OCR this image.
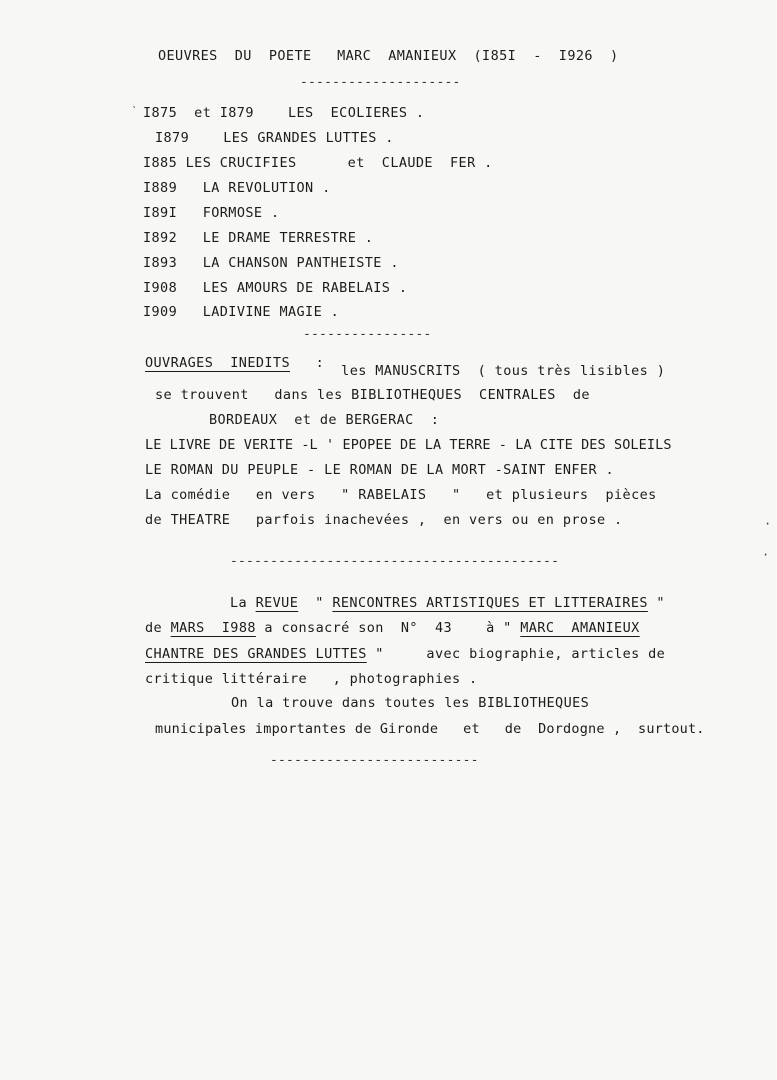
OEUVRES  DU  POETE   MARC  AMANIEUX  (I85I  -  I926  )
--------------------
I875  et I879	LES  ECOLIERES .
I879	LES GRANDES LUTTES .
I885 LES CRUCIFIES      et  CLAUDE  FER .
I889 LA REVOLUTION .
I89I FORMOSE .
I892 LE DRAME TERRESTRE .
I893 LA CHANSON PANTHEISTE .
I908 LES AMOURS DE RABELAIS .
I909 LADIVINE MAGIE .
----------------
OUVRAGES  INEDITS : les MANUSCRITS  ( tous très lisibles )
se trouvent   dans les BIBLIOTHEQUES  CENTRALES  de
BORDEAUX  et de BERGERAC  :
LE LIVRE DE VERITE -L ' EPOPEE DE LA TERRE - LA CITE DES SOLEILS
LE ROMAN DU PEUPLE - LE ROMAN DE LA MORT -SAINT ENFER .
La comédie   en vers   " RABELAIS   "   et plusieurs  pièces
de THEATRE   parfois inachevées ,  en vers ou en prose .
-----------------------------------------
La REVUE " RENCONTRES ARTISTIQUES ET LITTERAIRES "
de MARS  I988 a consacré son  N°  43    à " MARC  AMANIEUX
CHANTRE DES GRANDES LUTTES "     avec biographie, articles de
critique littéraire   , photographies .
On la trouve dans toutes les BIBLIOTHEQUES
municipales importantes de Gironde   et   de  Dordogne ,  surtout.
--------------------------
ˋ
·
·
